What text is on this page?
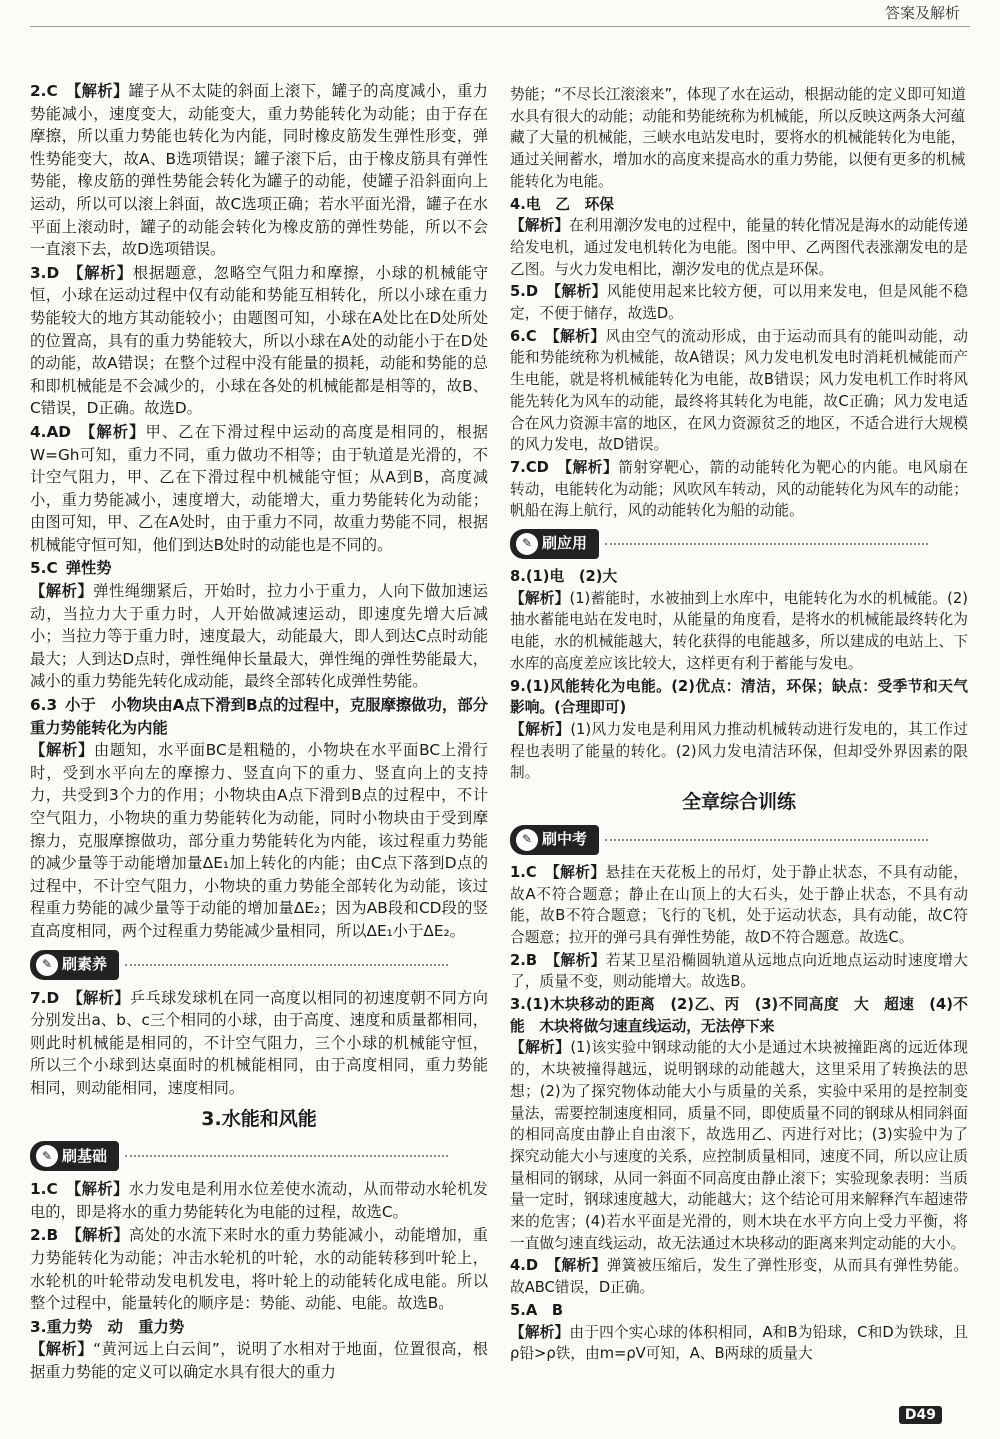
答案及解析
2.C 【解析】罐子从不太陡的斜面上滚下，罐子的高度减小，重力势能减小，速度变大，动能变大，重力势能转化为动能；由于存在摩擦，所以重力势能也转化为内能，同时橡皮筋发生弹性形变，弹性势能变大，故A、B选项错误；罐子滚下后，由于橡皮筋具有弹性势能，橡皮筋的弹性势能会转化为罐子的动能，使罐子沿斜面向上运动，所以可以滚上斜面，故C选项正确；若水平面光滑，罐子在水平面上滚动时，罐子的动能会转化为橡皮筋的弹性势能，所以不会一直滚下去，故D选项错误。
3.D 【解析】根据题意，忽略空气阻力和摩擦，小球的机械能守恒，小球在运动过程中仅有动能和势能互相转化，所以小球在重力势能较大的地方其动能较小；由题图可知，小球在A处比在D处所处的位置高，具有的重力势能较大，所以小球在A处的动能小于在D处的动能，故A错误；在整个过程中没有能量的损耗，动能和势能的总和即机械能是不会减少的，小球在各处的机械能都是相等的，故B、C错误，D正确。故选D。
4.AD 【解析】甲、乙在下滑过程中运动的高度是相同的，根据W=Gh可知，重力不同，重力做功不相等；由于轨道是光滑的，不计空气阻力，甲、乙在下滑过程中机械能守恒；从A到B，高度减小，重力势能减小，速度增大，动能增大，重力势能转化为动能；由图可知，甲、乙在A处时，由于重力不同，故重力势能不同，根据机械能守恒可知，他们到达B处时的动能也是不同的。
5.C 弹性势
【解析】弹性绳绷紧后，开始时，拉力小于重力，人向下做加速运动，当拉力大于重力时，人开始做减速运动，即速度先增大后减小；当拉力等于重力时，速度最大，动能最大，即人到达C点时动能最大；人到达D点时，弹性绳伸长量最大，弹性绳的弹性势能最大，减小的重力势能先转化成动能，最终全部转化成弹性势能。
6.3 小于　小物块由A点下滑到B点的过程中，克服摩擦做功，部分重力势能转化为内能
【解析】由题知，水平面BC是粗糙的，小物块在水平面BC上滑行时，受到水平向左的摩擦力、竖直向下的重力、竖直向上的支持力，共受到3个力的作用；小物块由A点下滑到B点的过程中，不计空气阻力，小物块的重力势能转化为动能，同时小物块由于受到摩擦力，克服摩擦做功，部分重力势能转化为内能，该过程重力势能的减少量等于动能增加量ΔE₁加上转化的内能；由C点下落到D点的过程中，不计空气阻力，小物块的重力势能全部转化为动能，该过程重力势能的减少量等于动能的增加量ΔE₂；因为AB段和CD段的竖直高度相同，两个过程重力势能减少量相同，所以ΔE₁小于ΔE₂。
✎ 刷素养
7.D 【解析】乒乓球发球机在同一高度以相同的初速度朝不同方向分别发出a、b、c三个相同的小球，由于高度、速度和质量都相同，则此时机械能是相同的，不计空气阻力，三个小球的机械能守恒，所以三个小球到达桌面时的机械能相同，由于高度相同，重力势能相同，则动能相同，速度相同。
3.水能和风能
✎ 刷基础
1.C 【解析】水力发电是利用水位差使水流动，从而带动水轮机发电的，即是将水的重力势能转化为电能的过程，故选C。
2.B 【解析】高处的水流下来时水的重力势能减小，动能增加，重力势能转化为动能；冲击水轮机的叶轮，水的动能转移到叶轮上，水轮机的叶轮带动发电机发电，将叶轮上的动能转化成电能。所以整个过程中，能量转化的顺序是：势能、动能、电能。故选B。
3.重力势　动　重力势
【解析】“黄河远上白云间”，说明了水相对于地面，位置很高，根据重力势能的定义可以确定水具有很大的重力
势能；“不尽长江滚滚来”，体现了水在运动，根据动能的定义即可知道水具有很大的动能；动能和势能统称为机械能，所以反映这两条大河蕴藏了大量的机械能，三峡水电站发电时，要将水的机械能转化为电能，通过关闸蓄水，增加水的高度来提高水的重力势能，以便有更多的机械能转化为电能。
4.电　乙　环保
【解析】在利用潮汐发电的过程中，能量的转化情况是海水的动能传递给发电机，通过发电机转化为电能。图中甲、乙两图代表涨潮发电的是乙图。与火力发电相比，潮汐发电的优点是环保。
5.D 【解析】风能使用起来比较方便，可以用来发电，但是风能不稳定，不便于储存，故选D。
6.C 【解析】风由空气的流动形成，由于运动而具有的能叫动能，动能和势能统称为机械能，故A错误；风力发电机发电时消耗机械能而产生电能，就是将机械能转化为电能，故B错误；风力发电机工作时将风能先转化为风车的动能，最终将其转化为电能，故C正确；风力发电适合在风力资源丰富的地区，在风力资源贫乏的地区，不适合进行大规模的风力发电，故D错误。
7.CD 【解析】箭射穿靶心，箭的动能转化为靶心的内能。电风扇在转动，电能转化为动能；风吹风车转动，风的动能转化为风车的动能；帆船在海上航行，风的动能转化为船的动能。
✎ 刷应用
8.(1)电　(2)大
【解析】(1)蓄能时，水被抽到上水库中，电能转化为水的机械能。(2)抽水蓄能电站在发电时，从能量的角度看，是将水的机械能最终转化为电能，水的机械能越大，转化获得的电能越多，所以建成的电站上、下水库的高度差应该比较大，这样更有利于蓄能与发电。
9.(1)风能转化为电能。(2)优点：清洁，环保；缺点：受季节和天气影响。(合理即可)
【解析】(1)风力发电是利用风力推动机械转动进行发电的，其工作过程也表明了能量的转化。(2)风力发电清洁环保，但却受外界因素的限制。
全章综合训练
✎ 刷中考
1.C 【解析】悬挂在天花板上的吊灯，处于静止状态，不具有动能，故A不符合题意；静止在山顶上的大石头，处于静止状态，不具有动能，故B不符合题意；飞行的飞机，处于运动状态，具有动能，故C符合题意；拉开的弹弓具有弹性势能，故D不符合题意。故选C。
2.B 【解析】若某卫星沿椭圆轨道从远地点向近地点运动时速度增大了，质量不变，则动能增大。故选B。
3.(1)木块移动的距离　(2)乙、丙　(3)不同高度　大　超速　(4)不能　木块将做匀速直线运动，无法停下来
【解析】(1)该实验中钢球动能的大小是通过木块被撞距离的远近体现的，木块被撞得越远，说明钢球的动能越大，这里采用了转换法的思想；(2)为了探究物体动能大小与质量的关系，实验中采用的是控制变量法，需要控制速度相同，质量不同，即使质量不同的钢球从相同斜面的相同高度由静止自由滚下，故选用乙、丙进行对比；(3)实验中为了探究动能大小与速度的关系，应控制质量相同，速度不同，所以应让质量相同的钢球，从同一斜面不同高度由静止滚下；实验现象表明：当质量一定时，钢球速度越大，动能越大；这个结论可用来解释汽车超速带来的危害；(4)若水平面是光滑的，则木块在水平方向上受力平衡，将一直做匀速直线运动，故无法通过木块移动的距离来判定动能的大小。
4.D 【解析】弹簧被压缩后，发生了弹性形变，从而具有弹性势能。故ABC错误，D正确。
5.A　B
【解析】由于四个实心球的体积相同，A和B为铅球，C和D为铁球，且ρ铅>ρ铁，由m=ρV可知，A、B两球的质量大
D49
